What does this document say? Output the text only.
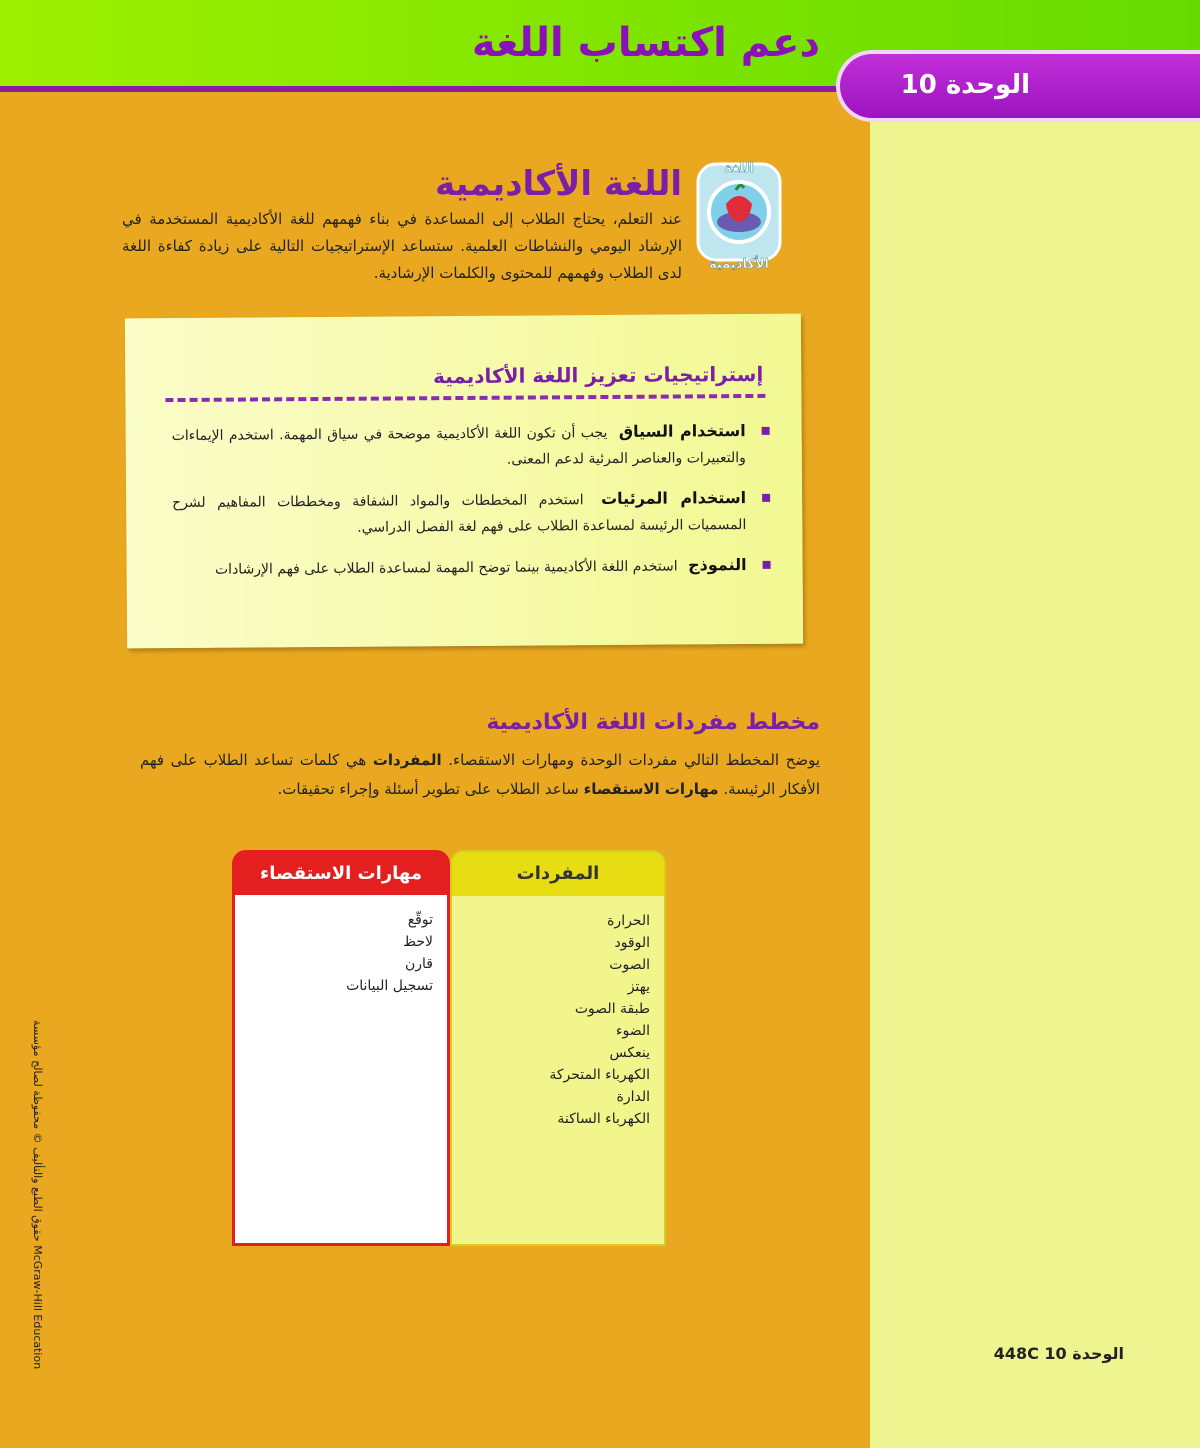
دعم اكتساب اللغة
الوحدة 10
اللغة
الأكاديمية
اللغة الأكاديمية
عند التعلم، يحتاج الطلاب إلى المساعدة في بناء فهمهم للغة الأكاديمية المستخدمة في الإرشاد اليومي والنشاطات العلمية. ستساعد الإستراتيجيات التالية على زيادة كفاءة اللغة لدى الطلاب وفهمهم للمحتوى والكلمات الإرشادية.
إستراتيجيات تعزيز اللغة الأكاديمية
استخدام السياق يجب أن تكون اللغة الأكاديمية موضحة في سياق المهمة. استخدم الإيماءات والتعبيرات والعناصر المرئية لدعم المعنى.
استخدام المرئيات استخدم المخططات والمواد الشفافة ومخططات المفاهيم لشرح المسميات الرئيسة لمساعدة الطلاب على فهم لغة الفصل الدراسي.
النموذج استخدم اللغة الأكاديمية بينما توضح المهمة لمساعدة الطلاب على فهم الإرشادات
مخطط مفردات اللغة الأكاديمية
يوضح المخطط التالي مفردات الوحدة ومهارات الاستقصاء. المفردات هي كلمات تساعد الطلاب على فهم الأفكار الرئيسة. مهارات الاستقصاء ساعد الطلاب على تطوير أسئلة وإجراء تحقيقات.
المفردات
الحرارة
الوقود
الصوت
يهتز
طبقة الصوت
الضوء
ينعكس
الكهرباء المتحركة
الدارة
الكهرباء الساكنة
مهارات الاستقصاء
توقّع
لاحظ
قارن
تسجيل البيانات
حقوق الطبع والتأليف © محفوظة لصالح مؤسسة McGraw-Hill Education	448C الوحدة 10
